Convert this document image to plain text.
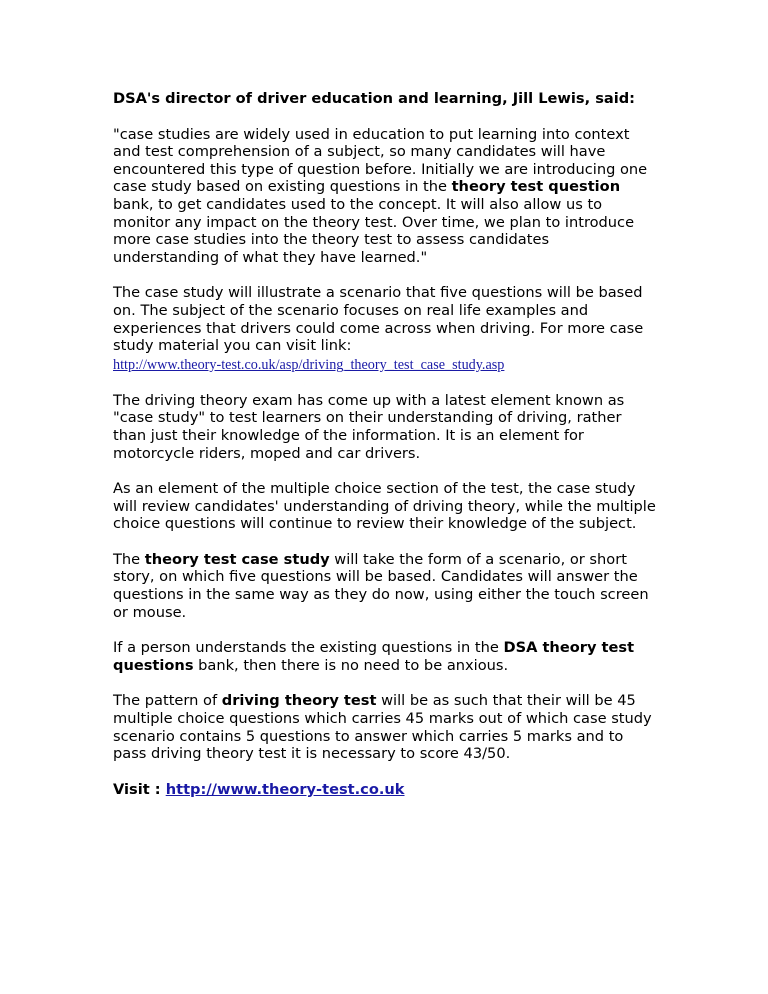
DSA's director of driver education and learning, Jill Lewis, said:

"case studies are widely used in education to put learning into context and test comprehension of a subject, so many candidates will have encountered this type of question before. Initially we are introducing one case study based on existing questions in the theory test question bank, to get candidates used to the concept. It will also allow us to monitor any impact on the theory test. Over time, we plan to introduce more case studies into the theory test to assess candidates understanding of what they have learned."

The case study will illustrate a scenario that five questions will be based on. The subject of the scenario focuses on real life examples and experiences that drivers could come across when driving. For more case study material you can visit link:
http://www.theory-test.co.uk/asp/driving_theory_test_case_study.asp

The driving theory exam has come up with a latest element known as "case study" to test learners on their understanding of driving, rather than just their knowledge of the information. It is an element for motorcycle riders, moped and car drivers.

As an element of the multiple choice section of the test, the case study will review candidates' understanding of driving theory, while the multiple choice questions will continue to review their knowledge of the subject.

The theory test case study will take the form of a scenario, or short story, on which five questions will be based. Candidates will answer the questions in the same way as they do now, using either the touch screen or mouse.

If a person understands the existing questions in the DSA theory test questions bank, then there is no need to be anxious.

The pattern of driving theory test will be as such that their will be 45 multiple choice questions which carries 45 marks out of which case study scenario contains 5 questions to answer which carries 5 marks and to pass driving theory test it is necessary to score 43/50.

Visit : http://www.theory-test.co.uk
